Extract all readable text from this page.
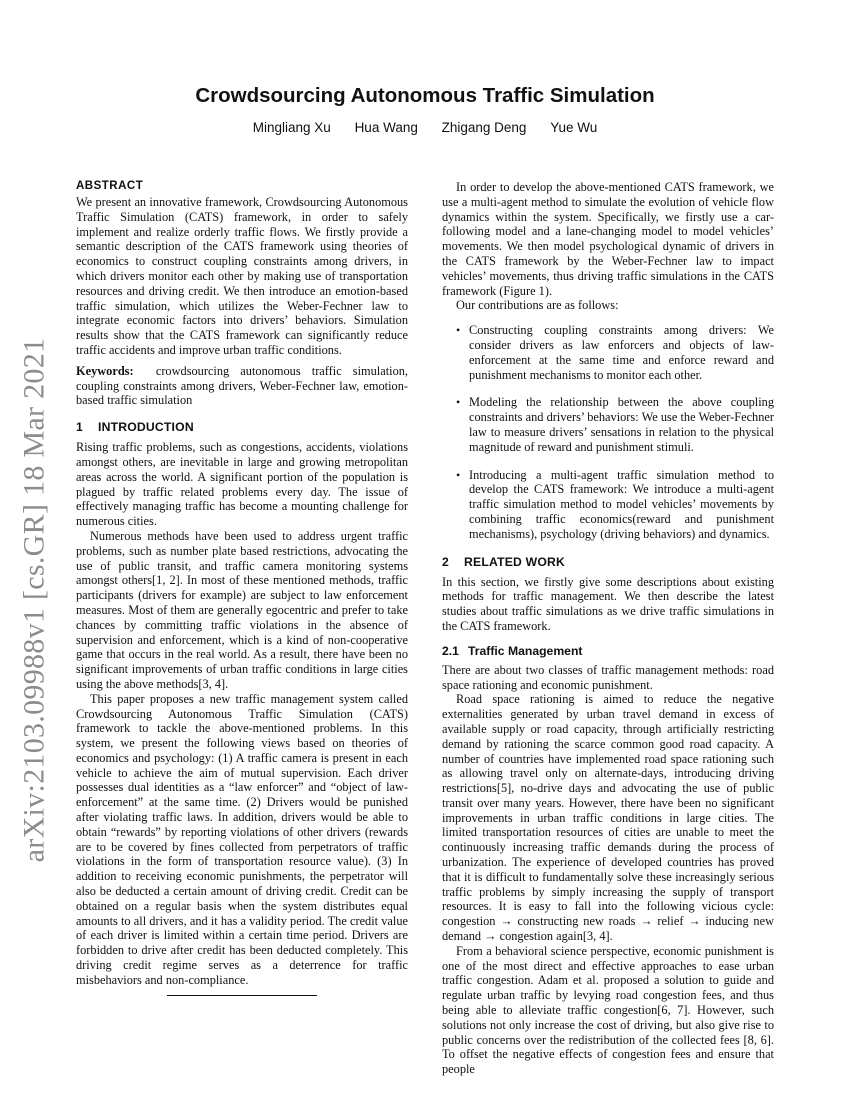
arXiv:2103.09988v1 [cs.GR] 18 Mar 2021
Crowdsourcing Autonomous Traffic Simulation
Mingliang Xu Hua Wang Zhigang Deng Yue Wu
ABSTRACT

We present an innovative framework, Crowdsourcing Autonomous Traffic Simulation (CATS) framework, in order to safely implement and realize orderly traffic flows. We firstly provide a semantic description of the CATS framework using theories of economics to construct coupling constraints among drivers, in which drivers monitor each other by making use of transportation resources and driving credit. We then introduce an emotion-based traffic simulation, which utilizes the Weber-Fechner law to integrate economic factors into drivers’ behaviors. Simulation results show that the CATS framework can significantly reduce traffic accidents and improve urban traffic conditions.

Keywords: crowdsourcing autonomous traffic simulation, coupling constraints among drivers, Weber-Fechner law, emotion-based traffic simulation

1 INTRODUCTION

Rising traffic problems, such as congestions, accidents, violations amongst others, are inevitable in large and growing metropolitan areas across the world. A significant portion of the population is plagued by traffic related problems every day. The issue of effectively managing traffic has become a mounting challenge for numerous cities.

Numerous methods have been used to address urgent traffic problems, such as number plate based restrictions, advocating the use of public transit, and traffic camera monitoring systems amongst others[1, 2]. In most of these mentioned methods, traffic participants (drivers for example) are subject to law enforcement measures. Most of them are generally egocentric and prefer to take chances by committing traffic violations in the absence of supervision and enforcement, which is a kind of non-cooperative game that occurs in the real world. As a result, there have been no significant improvements of urban traffic conditions in large cities using the above methods[3, 4].

This paper proposes a new traffic management system called Crowdsourcing Autonomous Traffic Simulation (CATS) framework to tackle the above-mentioned problems. In this system, we present the following views based on theories of economics and psychology: (1) A traffic camera is present in each vehicle to achieve the aim of mutual supervision. Each driver possesses dual identities as a “law enforcer” and “object of law-enforcement” at the same time. (2) Drivers would be punished after violating traffic laws. In addition, drivers would be able to obtain “rewards” by reporting violations of other drivers (rewards are to be covered by fines collected from perpetrators of traffic violations in the form of transportation resource value). (3) In addition to receiving economic punishments, the perpetrator will also be deducted a certain amount of driving credit. Credit can be obtained on a regular basis when the system distributes equal amounts to all drivers, and it has a validity period. The credit value of each driver is limited within a certain time period. Drivers are forbidden to drive after credit has been deducted completely. This driving credit regime serves as a deterrence for traffic misbehaviors and non-compliance.

In order to develop the above-mentioned CATS framework, we use a multi-agent method to simulate the evolution of vehicle flow dynamics within the system. Specifically, we firstly use a car-following model and a lane-changing model to model vehicles’ movements. We then model psychological dynamic of drivers in the CATS framework by the Weber-Fechner law to impact vehicles’ movements, thus driving traffic simulations in the CATS framework (Figure 1).

Our contributions are as follows:

• Constructing coupling constraints among drivers: We consider drivers as law enforcers and objects of law-enforcement at the same time and enforce reward and punishment mechanisms to monitor each other.

• Modeling the relationship between the above coupling constraints and drivers’ behaviors: We use the Weber-Fechner law to measure drivers’ sensations in relation to the physical magnitude of reward and punishment stimuli.

• Introducing a multi-agent traffic simulation method to develop the CATS framework: We introduce a multi-agent traffic simulation method to model vehicles’ movements by combining traffic economics(reward and punishment mechanisms), psychology (driving behaviors) and dynamics.

2 RELATED WORK

In this section, we firstly give some descriptions about existing methods for traffic management. We then describe the latest studies about traffic simulations as we drive traffic simulations in the CATS framework.

2.1 Traffic Management

There are about two classes of traffic management methods: road space rationing and economic punishment.

Road space rationing is aimed to reduce the negative externalities generated by urban travel demand in excess of available supply or road capacity, through artificially restricting demand by rationing the scarce common good road capacity. A number of countries have implemented road space rationing such as allowing travel only on alternate-days, introducing driving restrictions[5], no-drive days and advocating the use of public transit over many years. However, there have been no significant improvements in urban traffic conditions in large cities. The limited transportation resources of cities are unable to meet the continuously increasing traffic demands during the process of urbanization. The experience of developed countries has proved that it is difficult to fundamentally solve these increasingly serious traffic problems by simply increasing the supply of transport resources. It is easy to fall into the following vicious cycle: congestion → constructing new roads → relief → inducing new demand → congestion again[3, 4].

From a behavioral science perspective, economic punishment is one of the most direct and effective approaches to ease urban traffic congestion. Adam et al. proposed a solution to guide and regulate urban traffic by levying road congestion fees, and thus being able to alleviate traffic congestion[6, 7]. However, such solutions not only increase the cost of driving, but also give rise to public concerns over the redistribution of the collected fees [8, 6]. To offset the negative effects of congestion fees and ensure that people
